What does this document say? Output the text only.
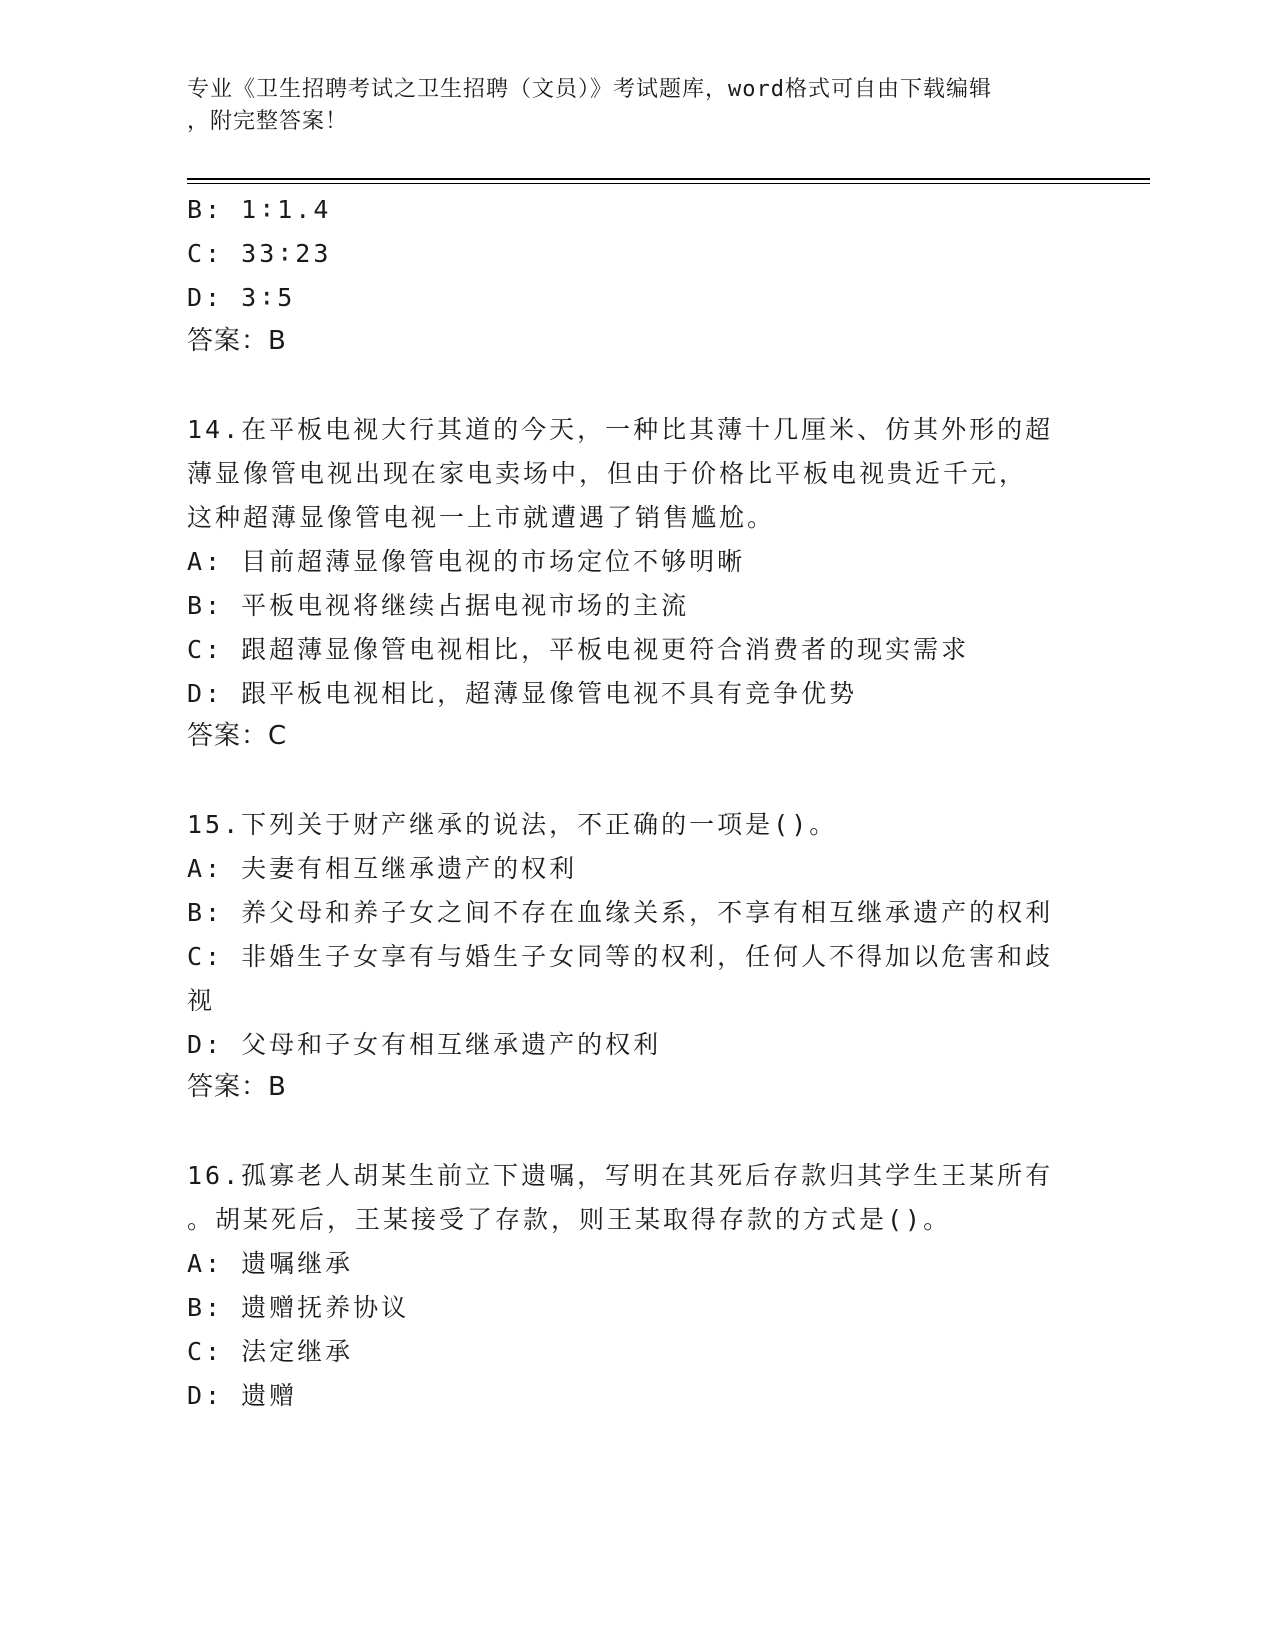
专业《卫生招聘考试之卫生招聘（文员）》考试题库，word格式可自由下载编辑
，附完整答案！
B: 1∶1.4
C: 33∶23
D: 3∶5
答案：B
14.在平板电视大行其道的今天，一种比其薄十几厘米、仿其外形的超
薄显像管电视出现在家电卖场中，但由于价格比平板电视贵近千元，
这种超薄显像管电视一上市就遭遇了销售尴尬。
A: 目前超薄显像管电视的市场定位不够明晰
B: 平板电视将继续占据电视市场的主流
C: 跟超薄显像管电视相比，平板电视更符合消费者的现实需求
D: 跟平板电视相比，超薄显像管电视不具有竞争优势
答案：C
15.下列关于财产继承的说法，不正确的一项是()。
A: 夫妻有相互继承遗产的权利
B: 养父母和养子女之间不存在血缘关系，不享有相互继承遗产的权利
C: 非婚生子女享有与婚生子女同等的权利，任何人不得加以危害和歧
视
D: 父母和子女有相互继承遗产的权利
答案：B
16.孤寡老人胡某生前立下遗嘱，写明在其死后存款归其学生王某所有
。胡某死后，王某接受了存款，则王某取得存款的方式是()。
A: 遗嘱继承
B: 遗赠抚养协议
C: 法定继承
D: 遗赠
